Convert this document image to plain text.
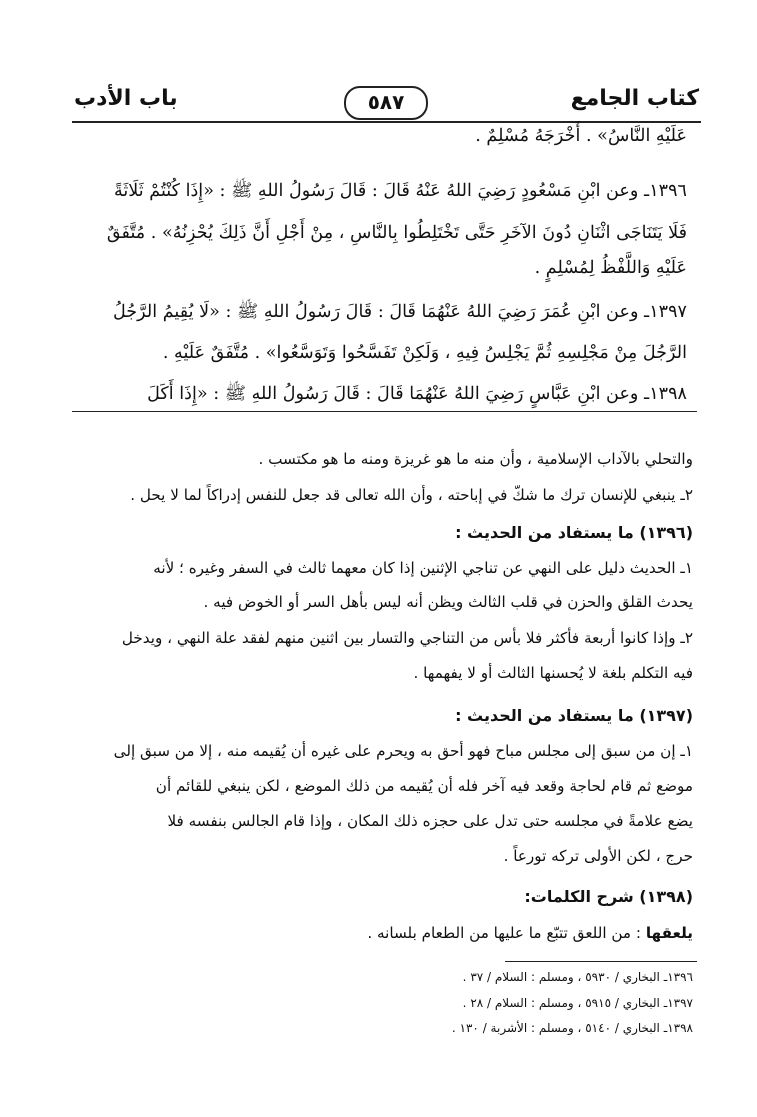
كتاب الجامع
٥٨٧
باب الأدب
عَلَيْهِ النَّاسُ» . أَخْرَجَهُ مُسْلِمٌ .
١٣٩٦ـ وعن ابْنِ مَسْعُودٍ رَضِيَ اللهُ عَنْهُ قَالَ : قَالَ رَسُولُ اللهِ ﷺ : «إِذَا كُنْتُمْ ثَلَاثَةً
فَلَا يَتَنَاجَى اثْنَانِ دُونَ الآخَرِ حَتَّى تَخْتَلِطُوا بِالنَّاسِ ، مِنْ أَجْلِ أَنَّ ذَلِكَ يُحْزِنُهُ» . مُتَّفَقٌ
عَلَيْهِ وَاللَّفْظُ لِمُسْلِمٍ .
١٣٩٧ـ وعن ابْنِ عُمَرَ رَضِيَ اللهُ عَنْهُمَا قَالَ : قَالَ رَسُولُ اللهِ ﷺ : «لَا يُقِيمُ الرَّجُلُ
الرَّجُلَ مِنْ مَجْلِسِهِ ثُمَّ يَجْلِسُ فِيهِ ، وَلَكِنْ تَفَسَّحُوا وَتَوَسَّعُوا» . مُتَّفَقٌ عَلَيْهِ .
١٣٩٨ـ وعن ابْنِ عَبَّاسٍ رَضِيَ اللهُ عَنْهُمَا قَالَ : قَالَ رَسُولُ اللهِ ﷺ : «إِذَا أَكَلَ
والتحلي بالآداب الإسلامية ، وأن منه ما هو غريزة ومنه ما هو مكتسب .
٢ـ ينبغي للإنسان ترك ما شكّ في إباحته ، وأن الله تعالى قد جعل للنفس إدراكاً لما لا يحل .
(١٣٩٦) ما يستفاد من الحديث :
١ـ الحديث دليل على النهي عن تناجي الإثنين إذا كان معهما ثالث في السفر وغيره ؛ لأنه
يحدث القلق والحزن في قلب الثالث ويظن أنه ليس بأهل السر أو الخوض فيه .
٢ـ وإذا كانوا أربعة فأكثر فلا بأس من التناجي والتسار بين اثنين منهم لفقد علة النهي ، ويدخل
فيه التكلم بلغة لا يُحسنها الثالث أو لا يفهمها .
(١٣٩٧) ما يستفاد من الحديث :
١ـ إن من سبق إلى مجلس مباح فهو أحق به ويحرم على غيره أن يُقيمه منه ، إلا من سبق إلى
موضع ثم قام لحاجة وقعد فيه آخر فله أن يُقيمه من ذلك الموضع ، لكن ينبغي للقائم أن
يضع علامةً في مجلسه حتى تدل على حجزه ذلك المكان ، وإذا قام الجالس بنفسه فلا
حرج ، لكن الأولى تركه تورعاً .
(١٣٩٨) شرح الكلمات:
يلعقها : من اللعق تتبّع ما عليها من الطعام بلسانه .
١٣٩٦ـ البخاري / ٥٩٣٠ ، ومسلم : السلام / ٣٧ .
١٣٩٧ـ البخاري / ٥٩١٥ ، ومسلم : السلام / ٢٨ .
١٣٩٨ـ البخاري / ٥١٤٠ ، ومسلم : الأشربة / ١٣٠ .
